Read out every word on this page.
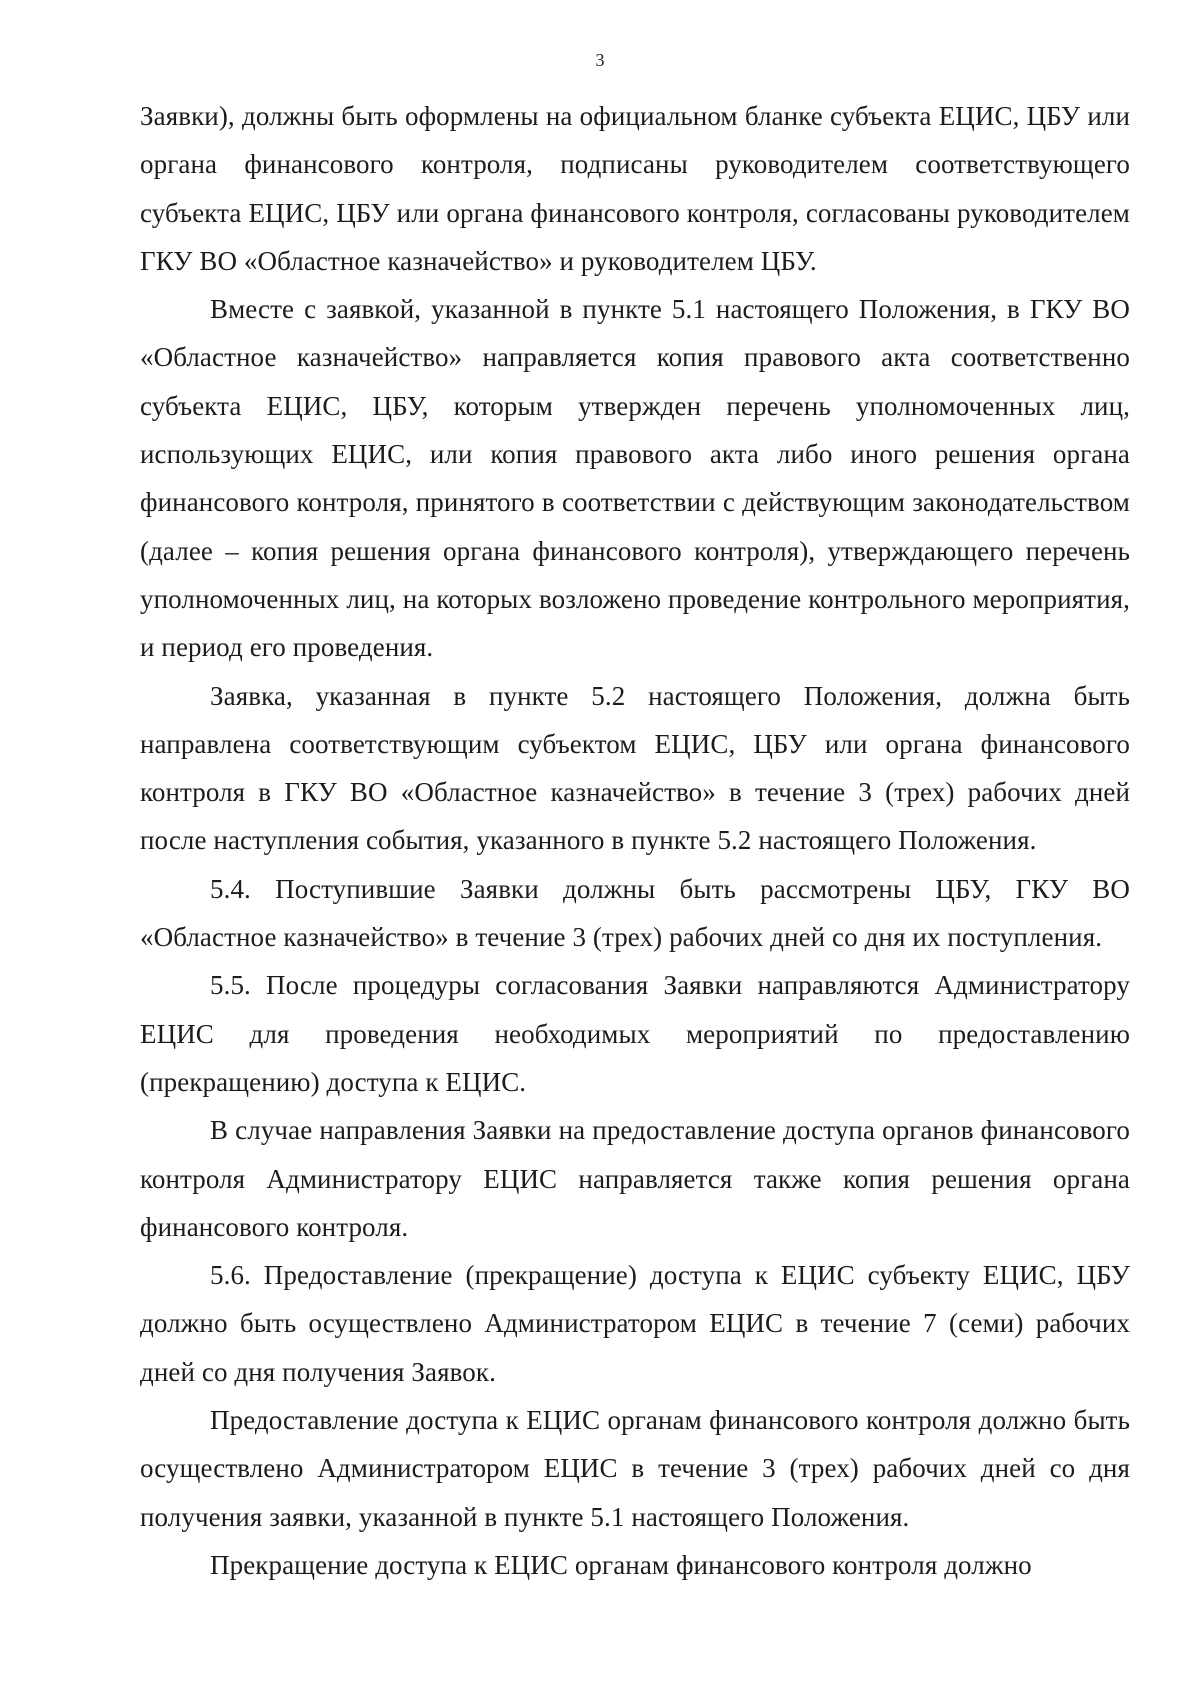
3

Заявки), должны быть оформлены на официальном бланке субъекта ЕЦИС, ЦБУ или органа финансового контроля, подписаны руководителем соответствующего субъекта ЕЦИС, ЦБУ или органа финансового контроля, согласованы руководителем ГКУ ВО «Областное казначейство» и руководителем ЦБУ.

Вместе с заявкой, указанной в пункте 5.1 настоящего Положения, в ГКУ ВО «Областное казначейство» направляется копия правового акта соответственно субъекта ЕЦИС, ЦБУ, которым утвержден перечень уполномоченных лиц, использующих ЕЦИС, или копия правового акта либо иного решения органа финансового контроля, принятого в соответствии с действующим законодательством (далее – копия решения органа финансового контроля), утверждающего перечень уполномоченных лиц, на которых возложено проведение контрольного мероприятия, и период его проведения.

Заявка, указанная в пункте 5.2 настоящего Положения, должна быть направлена соответствующим субъектом ЕЦИС, ЦБУ или органа финансового контроля в ГКУ ВО «Областное казначейство» в течение 3 (трех) рабочих дней после наступления события, указанного в пункте 5.2 настоящего Положения.

5.4. Поступившие Заявки должны быть рассмотрены ЦБУ, ГКУ ВО «Областное казначейство» в течение 3 (трех) рабочих дней со дня их поступления.

5.5. После процедуры согласования Заявки направляются Администратору ЕЦИС для проведения необходимых мероприятий по предоставлению (прекращению) доступа к ЕЦИС.

В случае направления Заявки на предоставление доступа органов финансового контроля Администратору ЕЦИС направляется также копия решения органа финансового контроля.

5.6. Предоставление (прекращение) доступа к ЕЦИС субъекту ЕЦИС, ЦБУ должно быть осуществлено Администратором ЕЦИС в течение 7 (семи) рабочих дней со дня получения Заявок.

Предоставление доступа к ЕЦИС органам финансового контроля должно быть осуществлено Администратором ЕЦИС в течение 3 (трех) рабочих дней со дня получения заявки, указанной в пункте 5.1 настоящего Положения.

Прекращение доступа к ЕЦИС органам финансового контроля должно
